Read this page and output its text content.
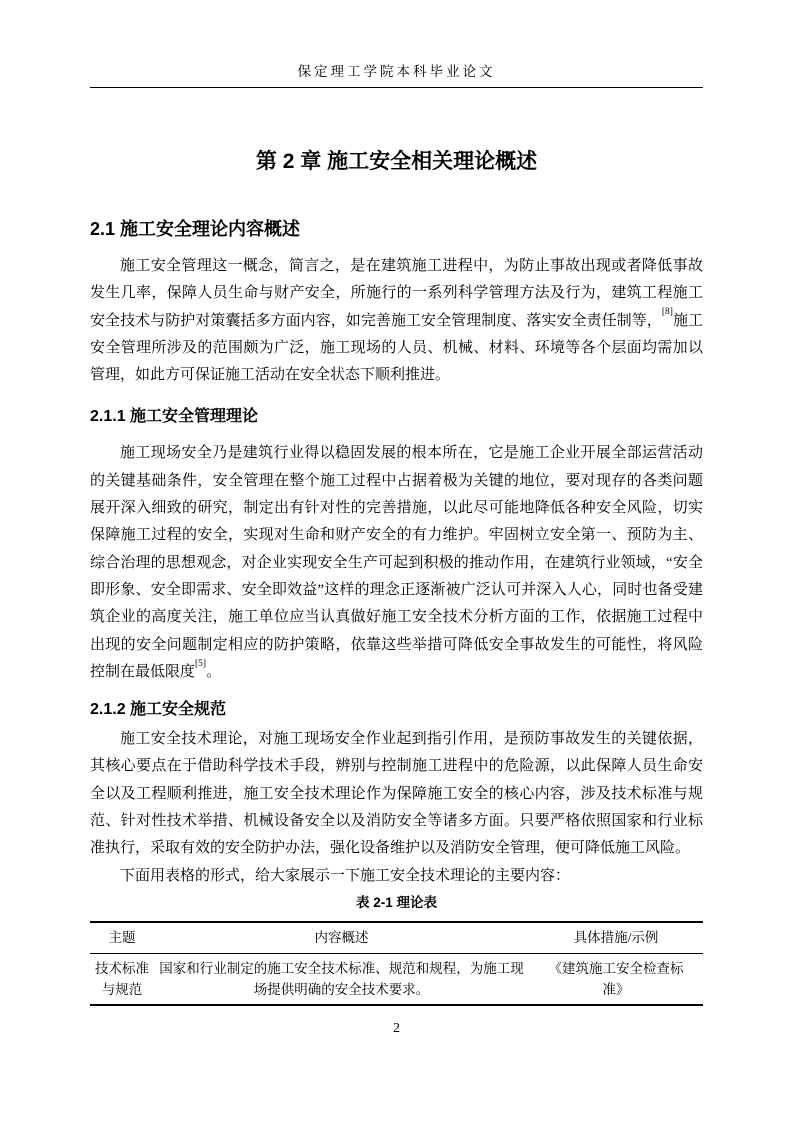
保定理工学院本科毕业论文
第 2 章 施工安全相关理论概述
2.1 施工安全理论内容概述

施工安全管理这一概念，简言之，是在建筑施工进程中，为防止事故出现或者降低事故发生几率，保障人员生命与财产安全，所施行的一系列科学管理方法及行为，建筑工程施工安全技术与防护对策囊括多方面内容，如完善施工安全管理制度、落实安全责任制等，[8]施工安全管理所涉及的范围颇为广泛，施工现场的人员、机械、材料、环境等各个层面均需加以管理，如此方可保证施工活动在安全状态下顺利推进。

2.1.1 施工安全管理理论

施工现场安全乃是建筑行业得以稳固发展的根本所在，它是施工企业开展全部运营活动的关键基础条件，安全管理在整个施工过程中占据着极为关键的地位，要对现存的各类问题展开深入细致的研究，制定出有针对性的完善措施，以此尽可能地降低各种安全风险，切实保障施工过程的安全，实现对生命和财产安全的有力维护。牢固树立安全第一、预防为主、综合治理的思想观念，对企业实现安全生产可起到积极的推动作用，在建筑行业领域，“安全即形象、安全即需求、安全即效益”这样的理念正逐渐被广泛认可并深入人心，同时也备受建筑企业的高度关注，施工单位应当认真做好施工安全技术分析方面的工作，依据施工过程中出现的安全问题制定相应的防护策略，依靠这些举措可降低安全事故发生的可能性，将风险控制在最低限度[5]。

2.1.2 施工安全规范

施工安全技术理论，对施工现场安全作业起到指引作用，是预防事故发生的关键依据，其核心要点在于借助科学技术手段，辨别与控制施工进程中的危险源，以此保障人员生命安全以及工程顺利推进，施工安全技术理论作为保障施工安全的核心内容，涉及技术标准与规范、针对性技术举措、机械设备安全以及消防安全等诸多方面。只要严格依照国家和行业标准执行，采取有效的安全防护办法，强化设备维护以及消防安全管理，便可降低施工风险。

下面用表格的形式，给大家展示一下施工安全技术理论的主要内容：

表 2-1 理论表
主题	内容概述	具体措施/示例
技术标准与规范	国家和行业制定的施工安全技术标准、规范和规程，为施工现场提供明确的安全技术要求。	《建筑施工安全检查标准》
2
